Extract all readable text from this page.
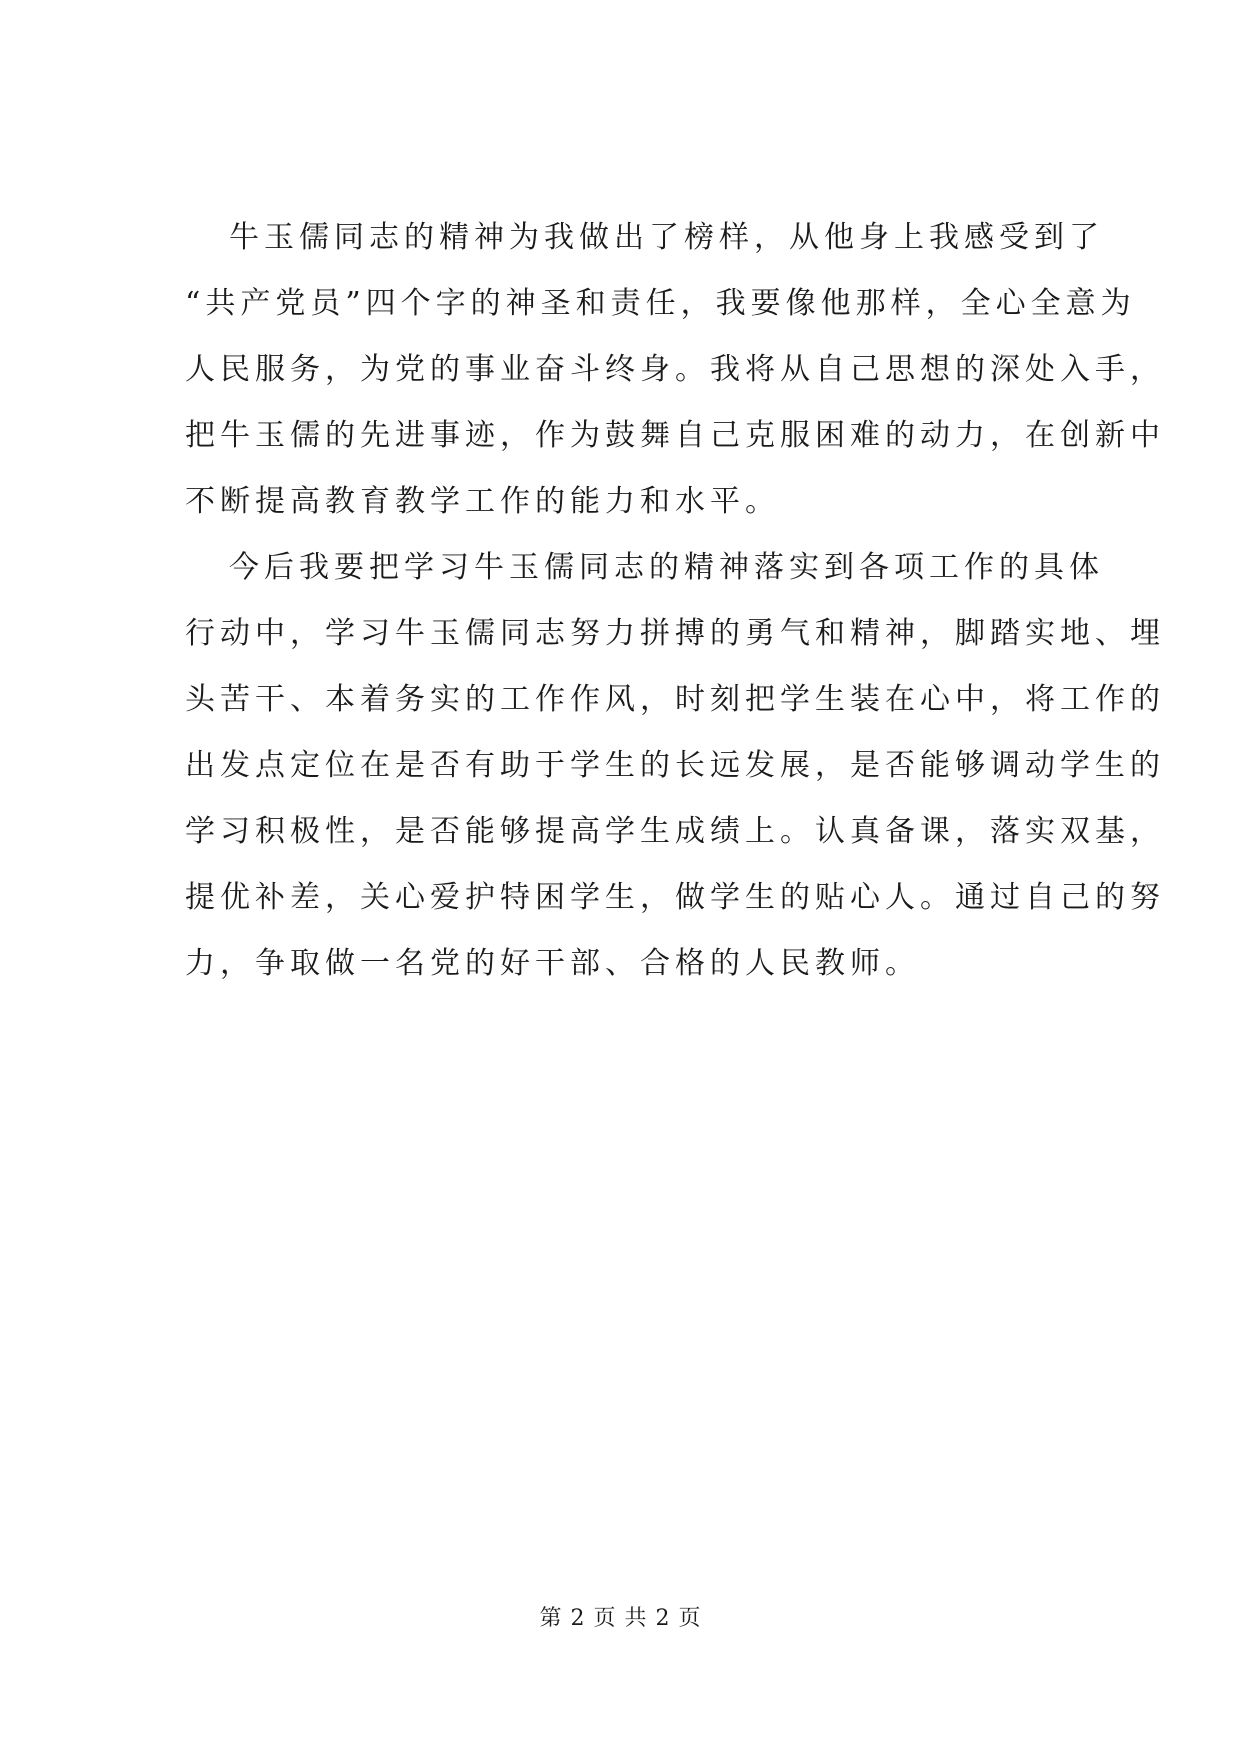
牛玉儒同志的精神为我做出了榜样，从他身上我感受到了
“共产党员”四个字的神圣和责任，我要像他那样，全心全意为
人民服务，为党的事业奋斗终身。我将从自己思想的深处入手，
把牛玉儒的先进事迹，作为鼓舞自己克服困难的动力，在创新中
不断提高教育教学工作的能力和水平。
今后我要把学习牛玉儒同志的精神落实到各项工作的具体
行动中，学习牛玉儒同志努力拼搏的勇气和精神，脚踏实地、埋
头苦干、本着务实的工作作风，时刻把学生装在心中，将工作的
出发点定位在是否有助于学生的长远发展，是否能够调动学生的
学习积极性，是否能够提高学生成绩上。认真备课，落实双基，
提优补差，关心爱护特困学生，做学生的贴心人。通过自己的努
力，争取做一名党的好干部、合格的人民教师。
第 2 页 共 2 页
